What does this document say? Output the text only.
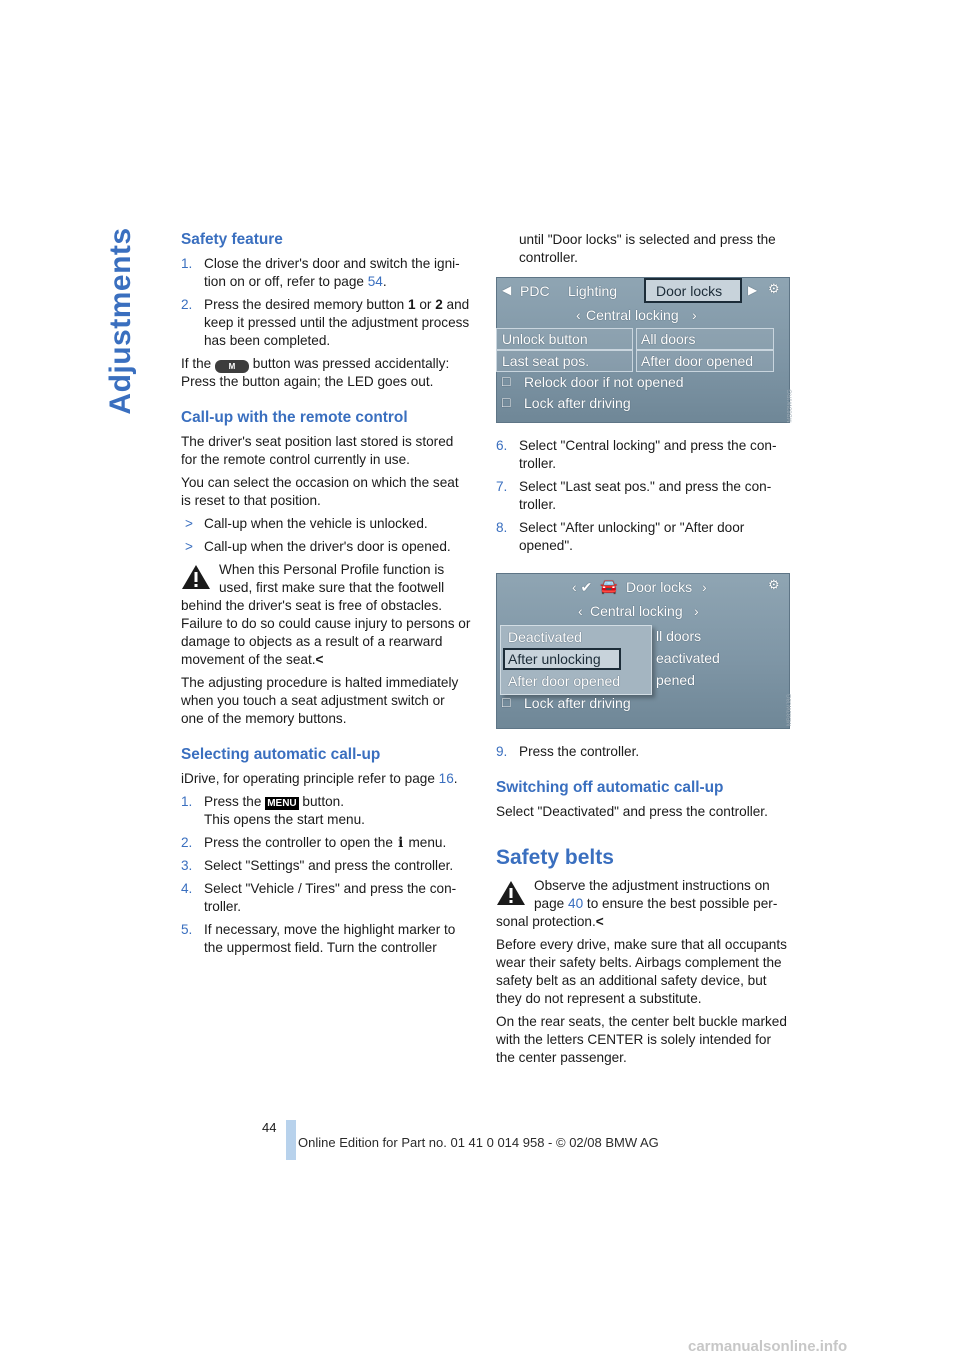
Adjustments	Safety feature
1. Close the driver's door and switch the igni-tion on or off, refer to page 54.
2. Press the desired memory button 1 or 2 and keep it pressed until the adjustment process has been completed.

If the M button was pressed accidentally: Press the button again; the LED goes out.

Call-up with the remote control

The driver's seat position last stored is stored for the remote control currently in use.

You can select the occasion on which the seat is reset to that position.

> Call-up when the vehicle is unlocked.
> Call-up when the driver's door is opened.
When this Personal Profile function is used, first make sure that the footwell behind the driver's seat is free of obstacles. Failure to do so could cause injury to persons or damage to objects as a result of a rearward movement of the seat.<

The adjusting procedure is halted immediately when you touch a seat adjustment switch or one of the memory buttons.

Selecting automatic call-up

iDrive, for operating principle refer to page 16.

1. Press the MENU button.
This opens the start menu.
2. Press the controller to open the i menu.
3. Select "Settings" and press the controller.
4. Select "Vehicle / Tires" and press the con-troller.
5. If necessary, move the highlight marker to the uppermost field. Turn the controller
until "Door locks" is selected and press the controller.
◀ PDC Lighting	Door locks ▶ ⚙
‹ Central locking ›
Unlock button	All doors
Last seat pos.	After door opened
□ Relock door if not opened
□ Lock after driving	MB83WJRG
6. Select "Central locking" and press the con-troller.
7. Select "Last seat pos." and press the con-troller.
8. Select "After unlocking" or "After door opened".
‹ ✔ 🚘 Door locks ›	⚙
‹ Central locking ›
Deactivated
After unlocking
After door opened
ll doors
eactivated
pened
□ Lock after driving	MB83WJ8G
9. Press the controller.
Switching off automatic call-up

Select "Deactivated" and press the controller.

Safety belts
Observe the adjustment instructions on page 40 to ensure the best possible per-sonal protection.<

Before every drive, make sure that all occupants wear their safety belts. Airbags complement the safety belt as an additional safety device, but they do not represent a substitute.

On the rear seats, the center belt buckle marked with the letters CENTER is solely intended for the center passenger.

44
Online Edition for Part no. 01 41 0 014 958 - © 02/08 BMW AG
carmanualsonline.info
